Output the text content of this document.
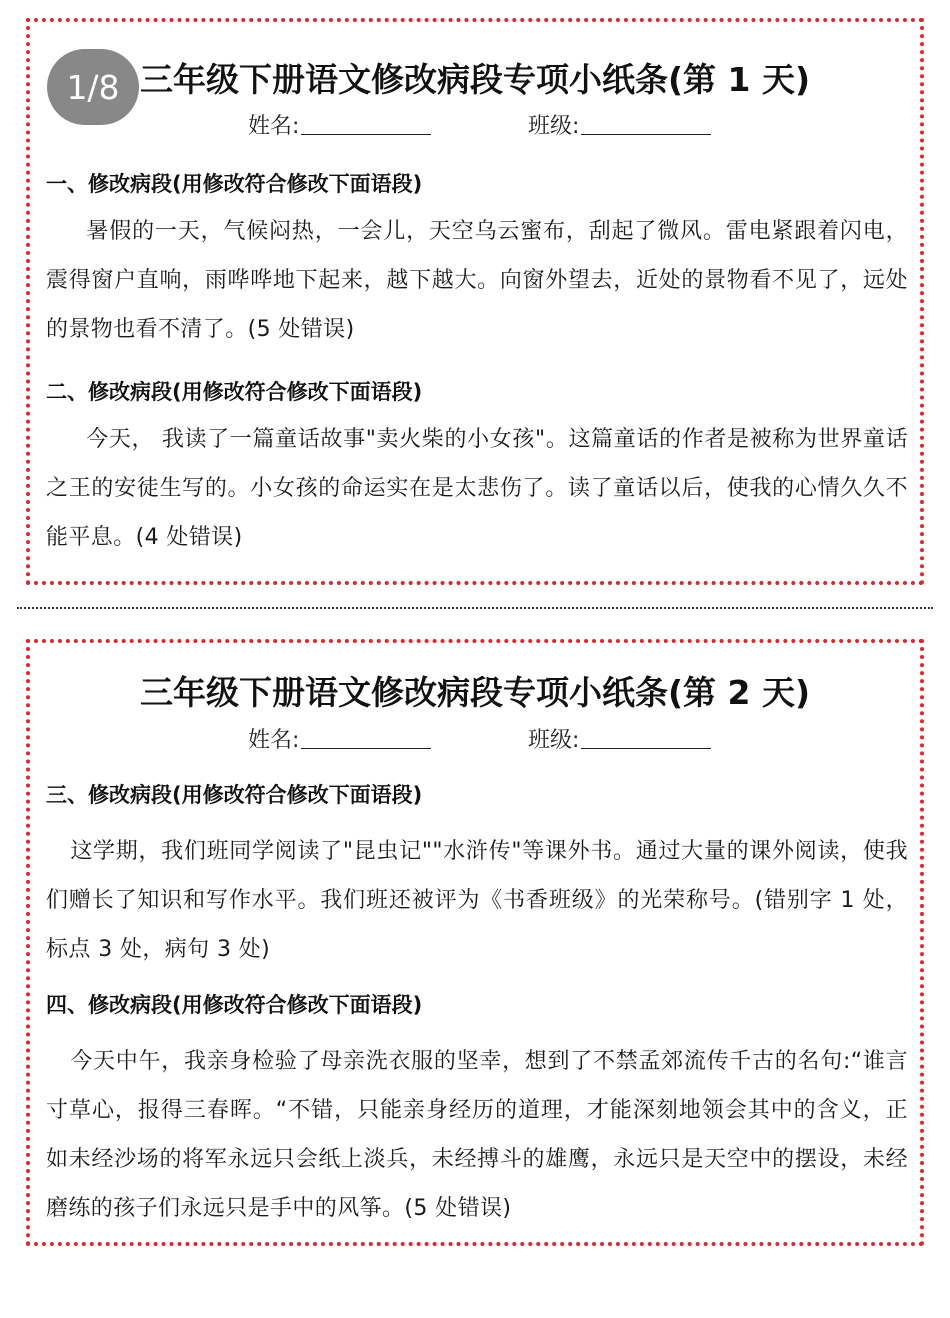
1/8 三年级下册语文修改病段专项小纸条(第 1 天)
姓名:	班级:
一、修改病段(用修改符合修改下面语段)
暑假的一天，气候闷热，一会儿，天空乌云蜜布，刮起了微风。雷电紧跟着闪电，震得窗户直响，雨哗哗地下起来，越下越大。向窗外望去，近处的景物看不见了，远处的景物也看不清了。(5 处错误)
二、修改病段(用修改符合修改下面语段)
今天， 我读了一篇童话故事"卖火柴的小女孩"。这篇童话的作者是被称为世界童话之王的安徒生写的。小女孩的命运实在是太悲伤了。读了童话以后，使我的心情久久不能平息。(4 处错误)
三年级下册语文修改病段专项小纸条(第 2 天)
姓名:	班级:
三、修改病段(用修改符合修改下面语段)
这学期，我们班同学阅读了"昆虫记""水浒传"等课外书。通过大量的课外阅读，使我们赠长了知识和写作水平。我们班还被评为《书香班级》的光荣称号。(错别字 1 处，标点 3 处，病句 3 处)
四、修改病段(用修改符合修改下面语段)
今天中午，我亲身检验了母亲洗衣服的坚幸，想到了不禁孟郊流传千古的名句:“谁言寸草心，报得三春晖。“不错，只能亲身经历的道理，才能深刻地领会其中的含义，正如未经沙场的将军永远只会纸上淡兵，未经搏斗的雄鹰，永远只是天空中的摆设，未经磨练的孩子们永远只是手中的风筝。(5 处错误)
